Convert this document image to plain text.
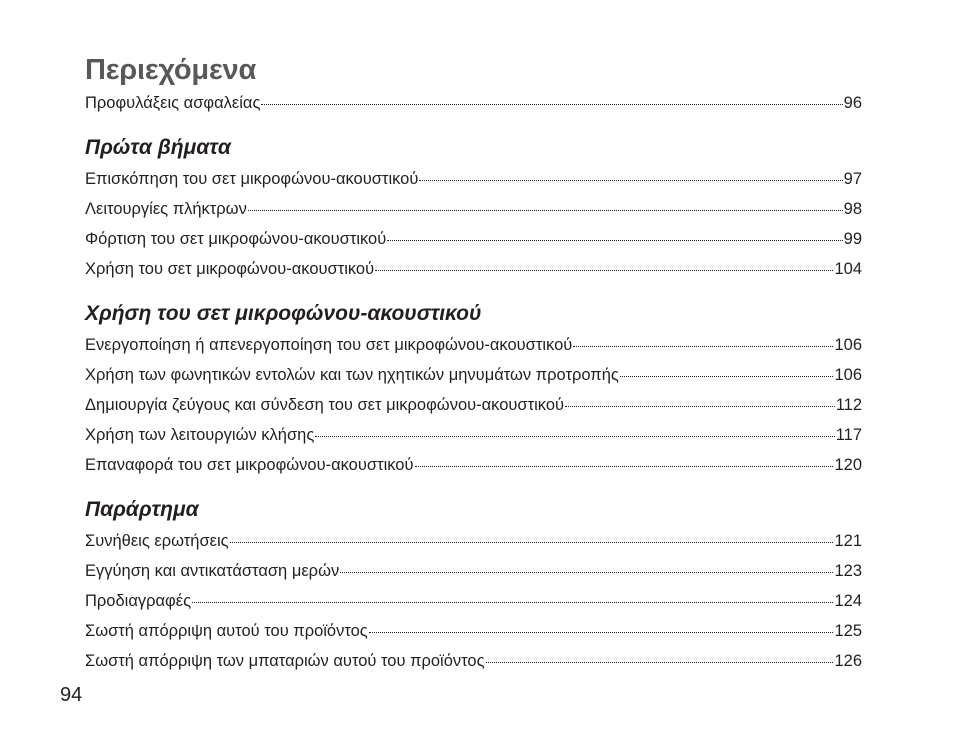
Περιεχόμενα
Προφυλάξεις ασφαλείας	96
Πρώτα βήματα
Επισκόπηση του σετ μικροφώνου-ακουστικού	97
Λειτουργίες πλήκτρων	98
Φόρτιση του σετ μικροφώνου-ακουστικού	99
Χρήση του σετ μικροφώνου-ακουστικού	104
Χρήση του σετ μικροφώνου-ακουστικού
Ενεργοποίηση ή απενεργοποίηση του σετ μικροφώνου-ακουστικού	106
Χρήση των φωνητικών εντολών και των ηχητικών μηνυμάτων προτροπής	106
Δημιουργία ζεύγους και σύνδεση του σετ μικροφώνου-ακουστικού	112
Χρήση των λειτουργιών κλήσης	117
Επαναφορά του σετ μικροφώνου-ακουστικού	120
Παράρτημα
Συνήθεις ερωτήσεις	121
Εγγύηση και αντικατάσταση μερών	123
Προδιαγραφές	124
Σωστή απόρριψη αυτού του προϊόντος	125
Σωστή απόρριψη των μπαταριών αυτού του προϊόντος	126
94
